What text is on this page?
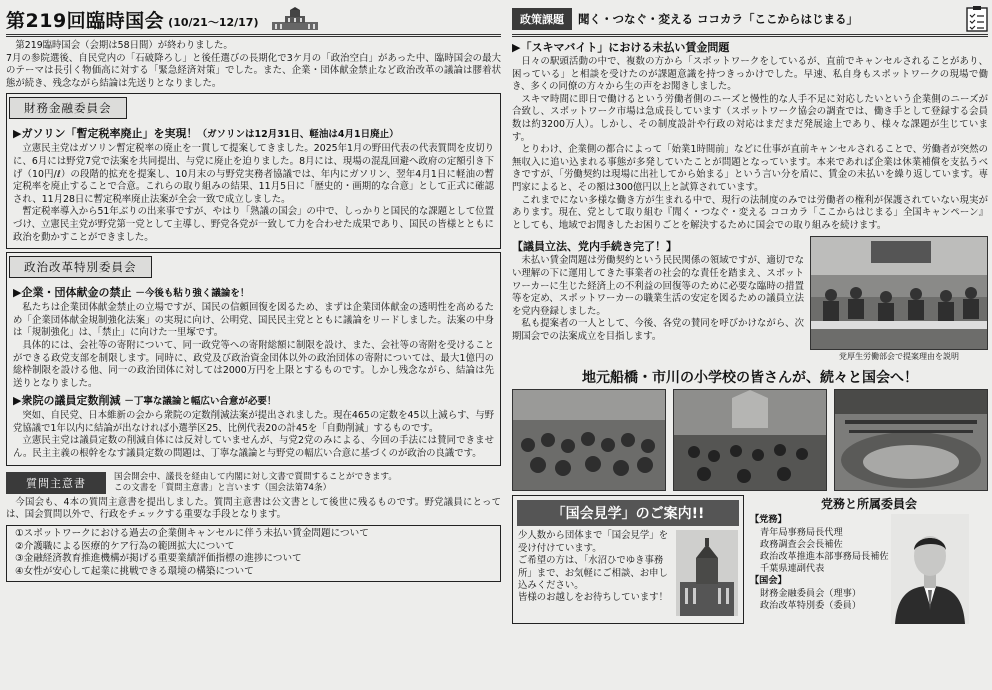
第219回臨時国会 (10/21～12/17)

第219臨時国会（会期は58日間）が終わりました。
7月の参院選後、自民党内の「石破降ろし」と後任選びの長期化で3ケ月の「政治空白」があった中、臨時国会の最大のテーマは長引く物価高に対する「緊急経済対策」でした。また、企業・団体献金禁止など政治改革の議論は膠着状態が続き、残念ながら結論は先送りとなりました。

財務金融委員会
▶ガソリン「暫定税率廃止」を実現！（ガソリンは12月31日、軽油は4月1日廃止）

立憲民主党はガソリン暫定税率の廃止を一貫して提案してきました。2025年1月の野田代表の代表質問を皮切りに、6月には野党7党で法案を共同提出、与党に廃止を迫りました。8月には、現場の混乱回避へ政府の定額引き下げ（10円/ℓ）の段階的拡充を提案し、10月末の与野党実務者協議では、年内にガソリン、翌年4月1日に軽油の暫定税率を廃止することで合意。これらの取り組みの結果、11月5日に「歴史的・画期的な合意」として正式に確認され、11月28日に暫定税率廃止法案が全会一致で成立しました。

暫定税率導入から51年ぶりの出来事ですが、やはり「熟議の国会」の中で、しっかりと国民的な課題として位置づけ、立憲民主党が野党第一党として主導し、野党各党が一致して力を合わせた成果であり、国民の皆様とともに政治を動かすことができました。

政治改革特別委員会
▶企業・団体献金の禁止 －今後も粘り強く議論を！

私たちは企業団体献金禁止の立場ですが、国民の信頼回復を図るため、まずは企業団体献金の透明性を高めるため「企業団体献金規制強化法案」の実現に向け、公明党、国民民主党とともに議論をリードしました。法案の中身は「規制強化」は、「禁止」に向けた一里塚です。

具体的には、会社等の寄附について、同一政党等への寄附総額に制限を設け、また、会社等の寄附を受けることができる政党支部を制限します。同時に、政党及び政治資金団体以外の政治団体の寄附については、最大1億円の総枠制限を設ける他、同一の政治団体に対しては2000万円を上限とするものです。しかし残念ながら、結論は先送りとなりました。

▶衆院の議員定数削減 －丁寧な議論と幅広い合意が必要！

突如、自民党、日本維新の会から衆院の定数削減法案が提出されました。現在465の定数を45以上減らす、与野党協議で1年以内に結論が出なければ小選挙区25、比例代表20の計45を「自動削減」するものです。

立憲民主党は議員定数の削減自体には反対していませんが、与党2党のみによる、今回の手法には賛同できません。民主主義の根幹をなす議員定数の問題は、丁寧な議論と与野党の幅広い合意に基づくのが政治の良識です。

質問主意書	国会開会中、議長を経由して内閣に対し文書で質問することができます。
この文書を「質問主意書」と言います（国会法第74条）

今国会も、4本の質問主意書を提出しました。質問主意書は公文書として後世に残るものです。野党議員にとっては、国会質問以外で、行政をチェックする重要な手段となります。

①スポットワークにおける過去の企業側キャンセルに伴う未払い賃金問題について
②介護職による医療的ケア行為の範囲拡大について
③金融経済教育推進機構が掲げる重要業績評価指標の進捗について
④女性が安心して起業に挑戦できる環境の構築について
政策課題	聞く・つなぐ・変える ココカラ「ここからはじまる」
▶「スキマバイト」における未払い賃金問題

日々の駅頭活動の中で、複数の方から「スポットワークをしているが、直前でキャンセルされることがあり、困っている」と相談を受けたのが課題意識を持つきっかけでした。早速、私自身もスポットワークの現場で働き、多くの同僚の方々から生の声をお聞きしました。

スキマ時間に即日で働けるという労働者側のニーズと慢性的な人手不足に対応したいという企業側のニーズが合致し、スポットワーク市場は急成長しています（スポットワーク協会の調査では、働き手として登録する会員数は約3200万人）。しかし、その制度設計や行政の対応はまだまだ発展途上であり、様々な課題が生じています。

とりわけ、企業側の都合によって「始業1時間前」などに仕事が直前キャンセルされることで、労働者が突然の無収入に追い込まれる事態が多発していたことが問題となっています。本来であれば企業は休業補償を支払うべきですが、「労働契約は現場に出社してから始まる」という言い分を盾に、賃金の未払いを繰り返しています。専門家によると、その額は300億円以上と試算されています。

これまでにない多様な働き方が生まれる中で、現行の法制度のみでは労働者の権利が保護されていない現実があります。現在、党として取り組む『聞く・つなぐ・変える ココカラ「ここからはじまる」全国キャンペーン』としても、地域でお聞きしたお困りごとを解決するために国会での取り組みを続けます。

【議員立法、党内手続き完了！】

未払い賃金問題は労働契約という民民関係の領域ですが、適切でない理解の下に運用してきた事業者の社会的な責任を踏まえ、スポットワーカーに生じた経済上の不利益の回復等のために必要な臨時の措置等を定め、スポットワーカーの職業生活の安定を図るための議員立法を党内登録しました。

私も提案者の一人として、今後、各党の賛同を呼びかけながら、次期国会での法案成立を目指します。

党厚生労働部会で提案理由を説明
地元船橋・市川の小学校の皆さんが、続々と国会へ！
「国会見学」のご案内!!
少人数から団体まで「国会見学」を受け付けています。
ご希望の方は、「水沼ひでゆき事務所」まで、お気軽にご相談、お申し込みください。
皆様のお越しをお待ちしています！
党務と所属委員会
【党務】
青年局事務局長代理
政務調査会会長補佐
政治改革推進本部事務局長補佐
千葉県連副代表
【国会】
財務金融委員会（理事）
政治改革特別委（委員）
